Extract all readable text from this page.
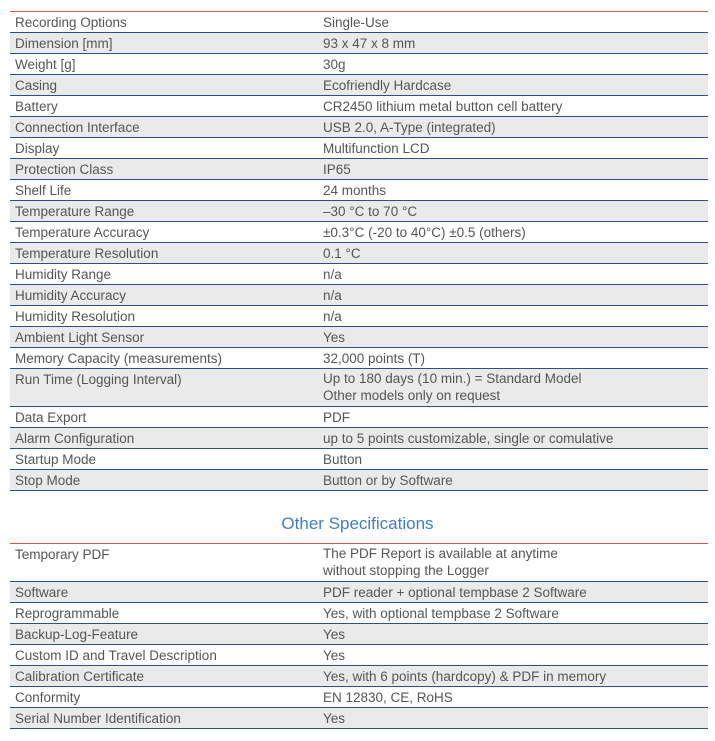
Recording Options	Single-Use
Dimension [mm]	93 x 47 x 8 mm
Weight [g]	30g
Casing	Ecofriendly Hardcase
Battery	CR2450 lithium metal button cell battery
Connection Interface	USB 2.0, A-Type (integrated)
Display	Multifunction LCD
Protection Class	IP65
Shelf Life	24 months
Temperature Range	–30 °C to 70 °C
Temperature Accuracy	±0.3°C (-20 to 40°C) ±0.5 (others)
Temperature Resolution	0.1 °C
Humidity Range	n/a
Humidity Accuracy	n/a
Humidity Resolution	n/a
Ambient Light Sensor	Yes
Memory Capacity (measurements)	32,000 points (T)
Run Time (Logging Interval)	Up to 180 days (10 min.) = Standard Model
Other models only on request
Data Export	PDF
Alarm Configuration	up to 5 points customizable, single or comulative
Startup Mode	Button
Stop Mode	Button or by Software
Other Specifications
Temporary PDF	The PDF Report is available at anytime
without stopping the Logger
Software	PDF reader + optional tempbase 2 Software
Reprogrammable	Yes, with optional tempbase 2 Software
Backup-Log-Feature	Yes
Custom ID and Travel Description	Yes
Calibration Certificate	Yes, with 6 points (hardcopy) & PDF in memory
Conformity	EN 12830, CE, RoHS
Serial Number Identification	Yes
